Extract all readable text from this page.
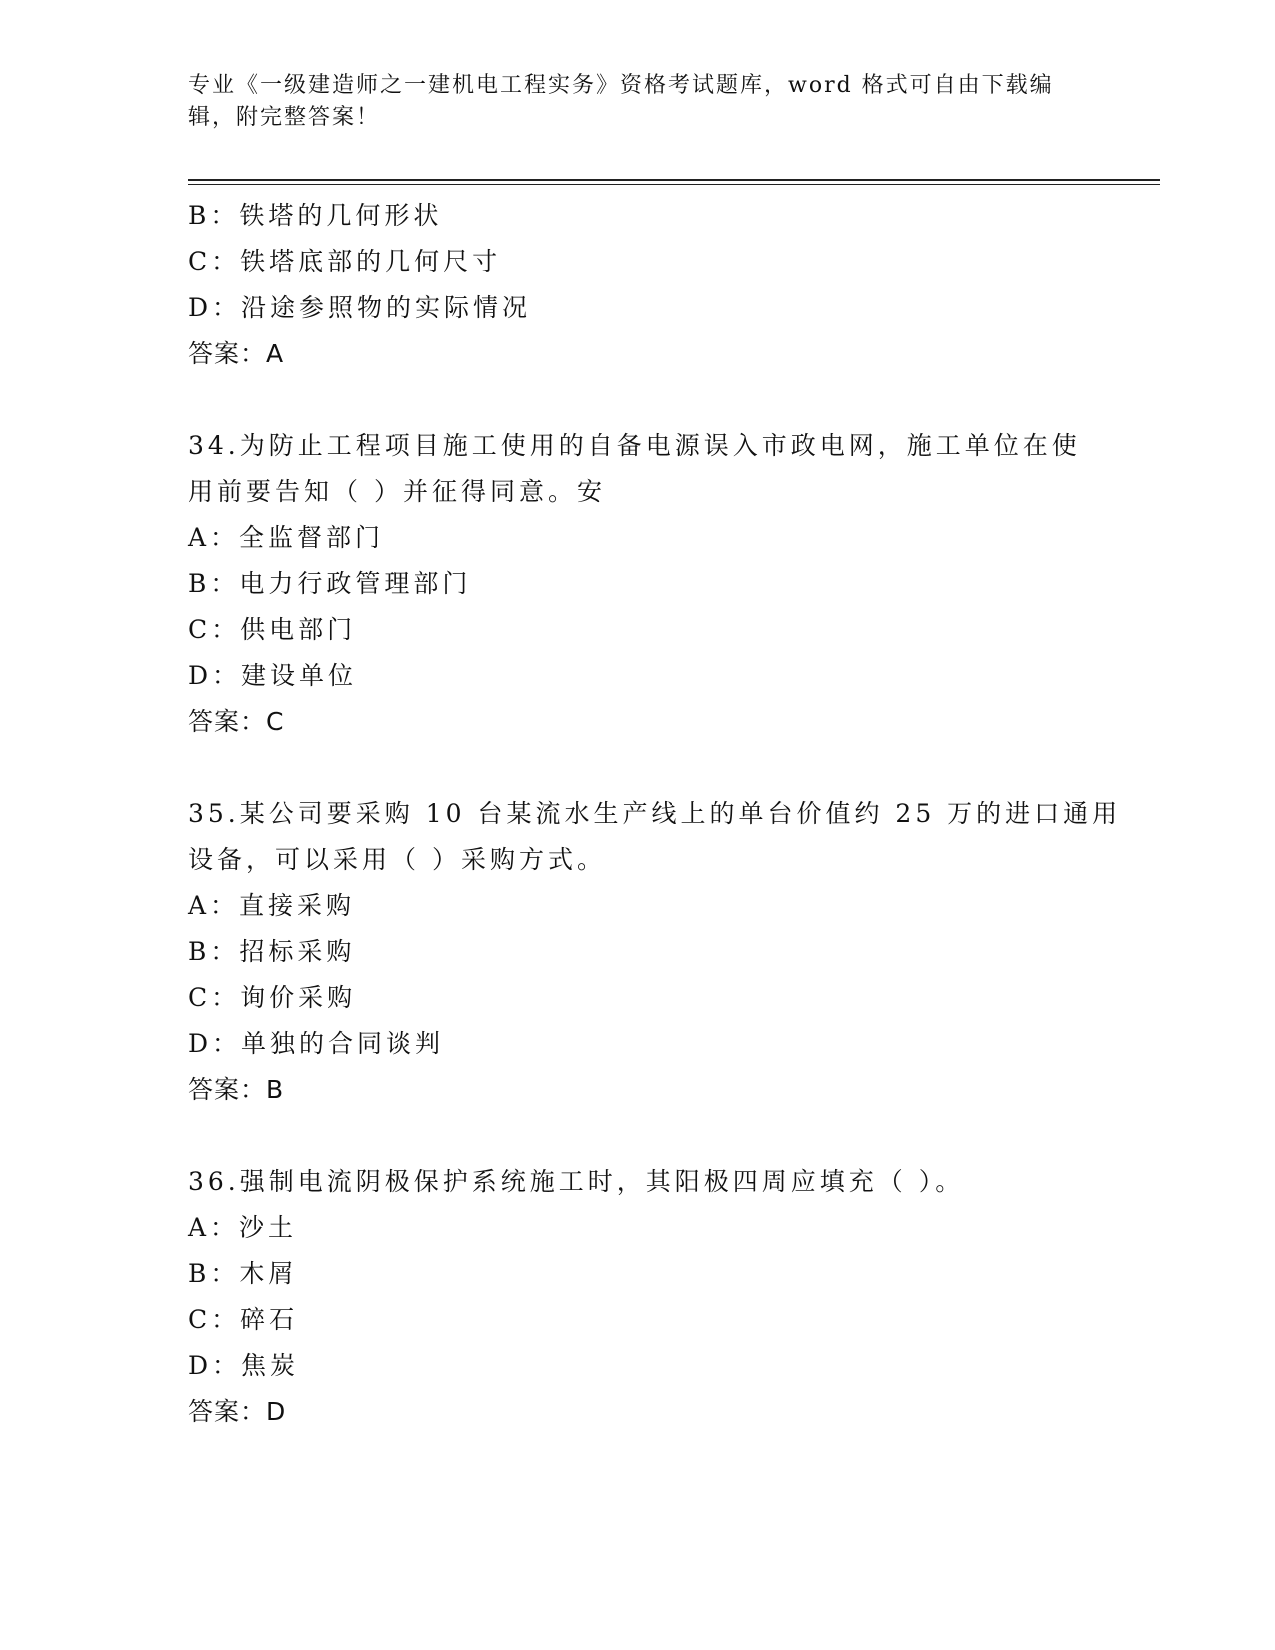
专业《一级建造师之一建机电工程实务》资格考试题库，word 格式可自由下载编
辑，附完整答案！
B：铁塔的几何形状
C：铁塔底部的几何尺寸
D：沿途参照物的实际情况
答案：A
34.为防止工程项目施工使用的自备电源误入市政电网，施工单位在使
用前要告知（ ）并征得同意。安
A：全监督部门
B：电力行政管理部门
C：供电部门
D：建设单位
答案：C
35.某公司要采购 10 台某流水生产线上的单台价值约 25 万的进口通用
设备，可以采用（ ）采购方式。
A：直接采购
B：招标采购
C：询价采购
D：单独的合同谈判
答案：B
36.强制电流阴极保护系统施工时，其阳极四周应填充（ ）。
A：沙土
B：木屑
C：碎石
D：焦炭
答案：D
